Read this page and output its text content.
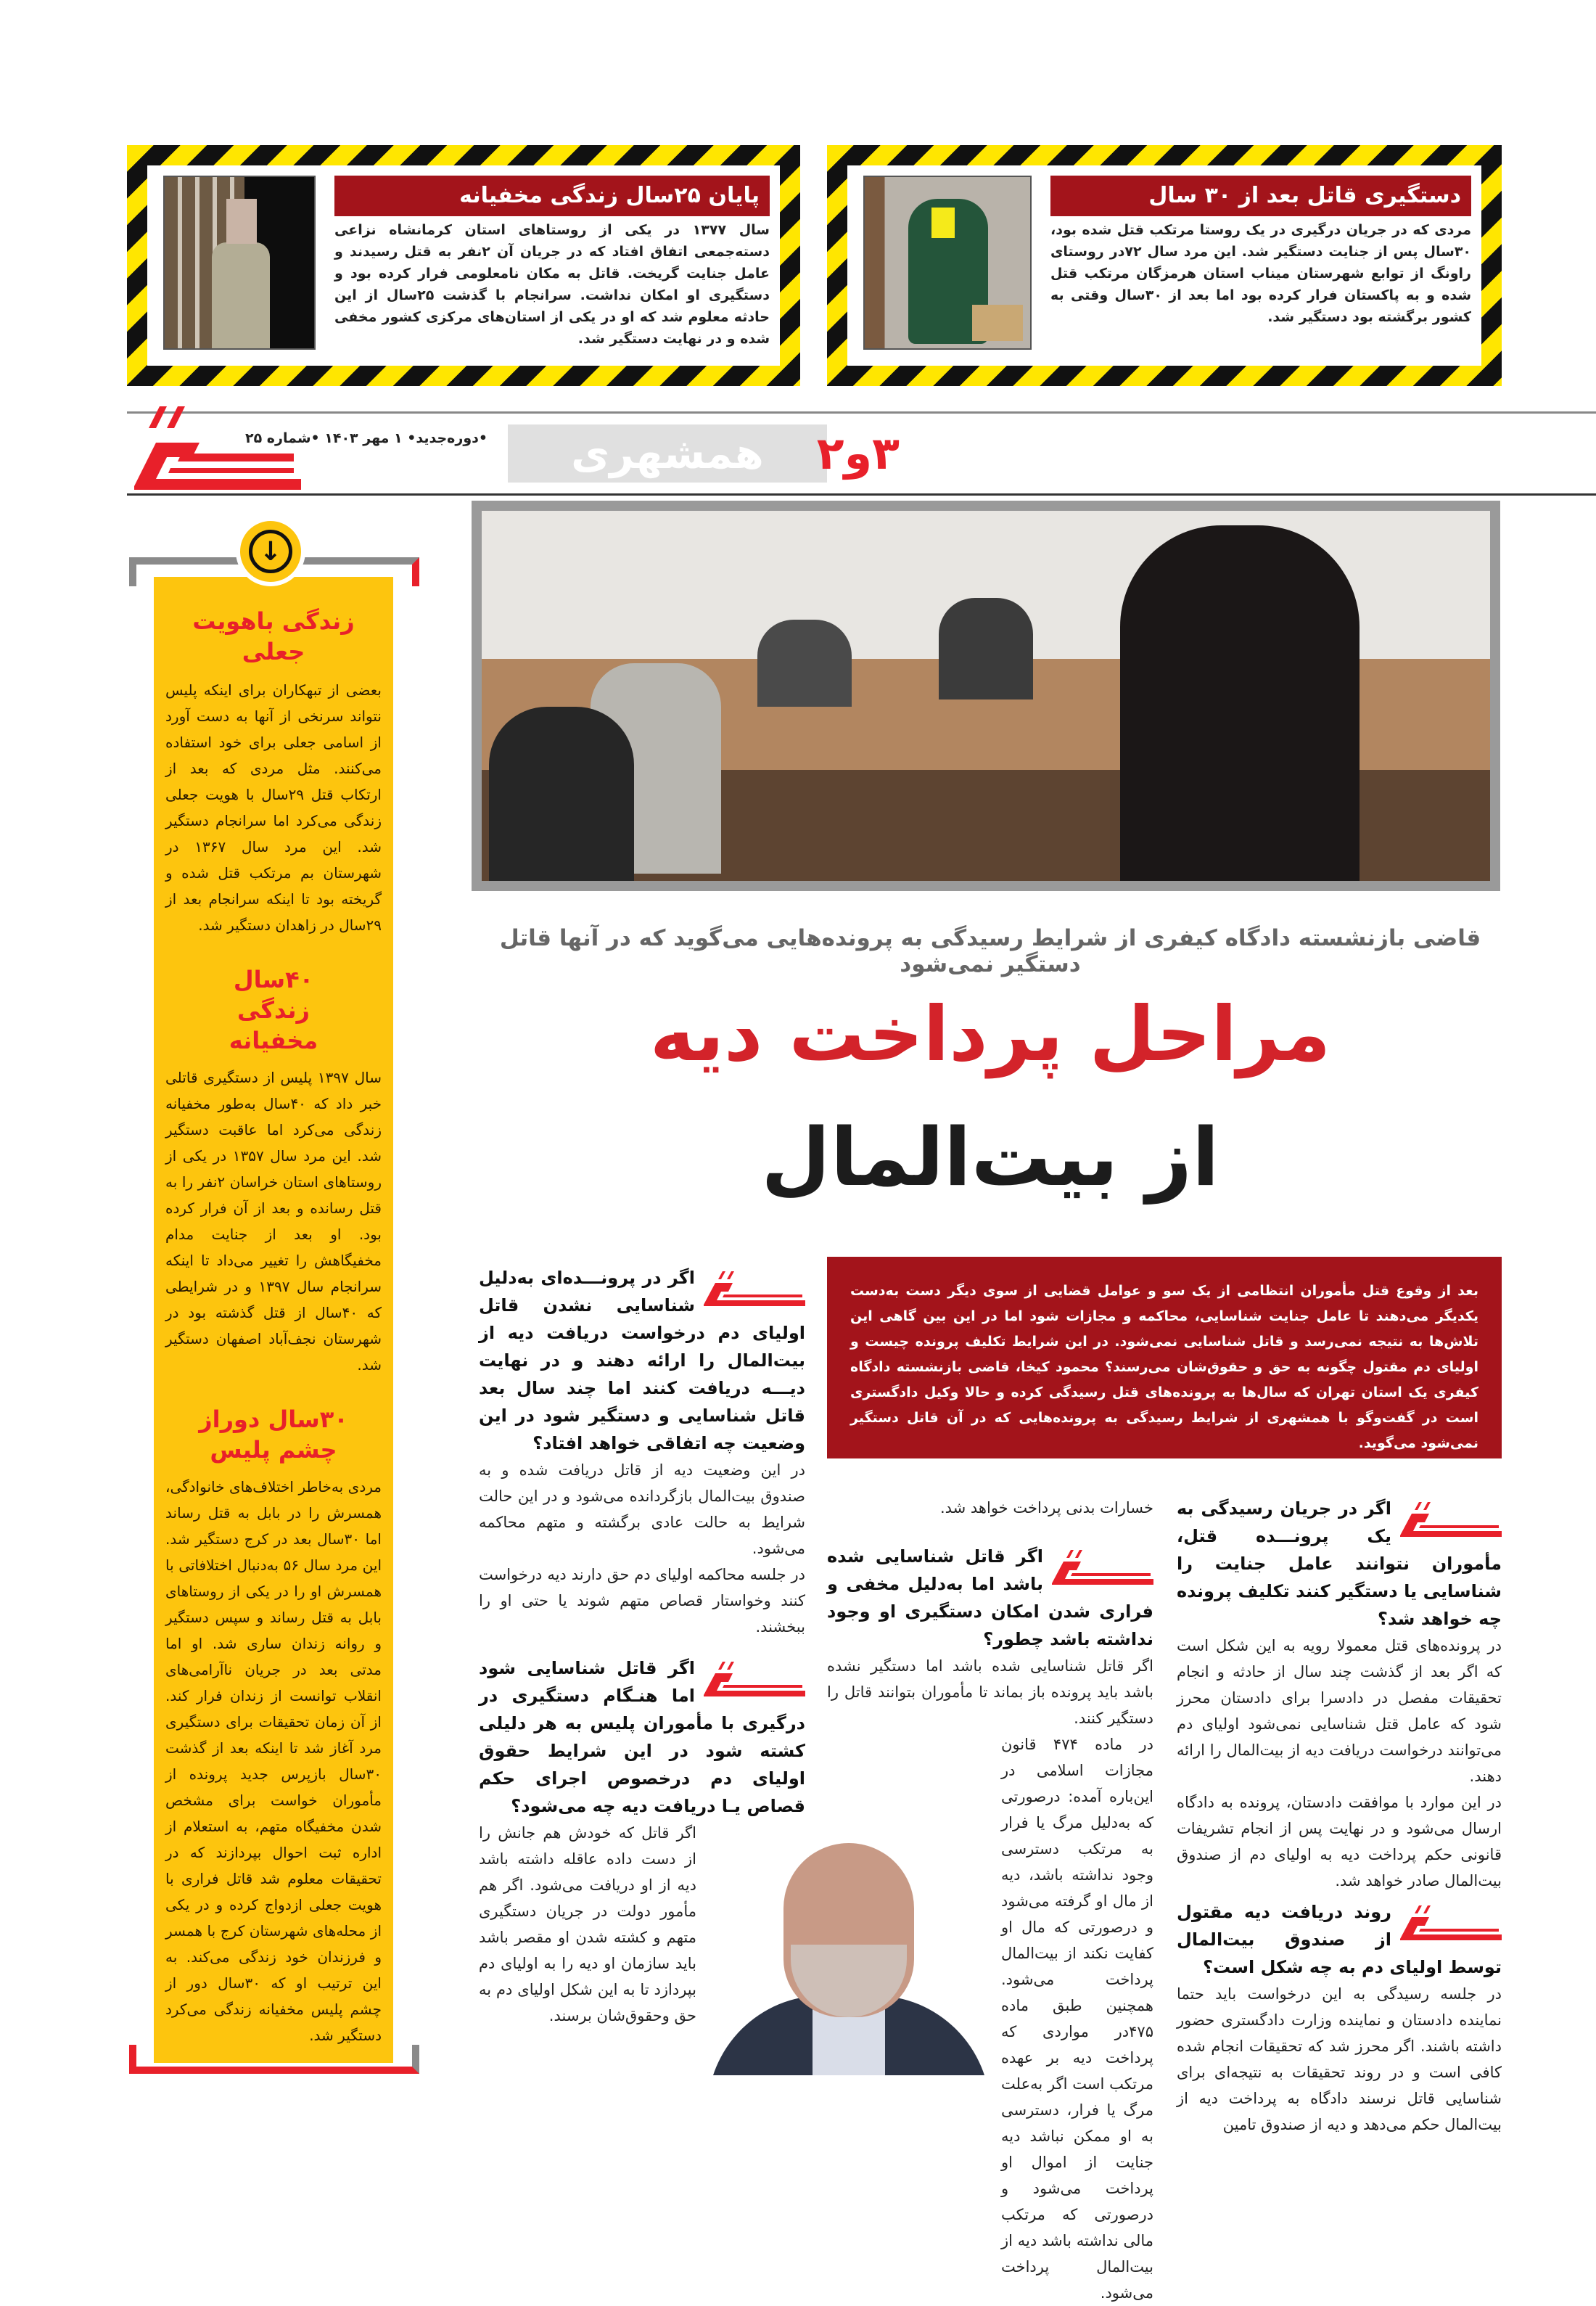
دستگیری قاتل بعد از ۳۰ سال
مردی که در جریان درگیری در یک روستا مرتکب قتل شده بود، ۳۰سال پس از جنایت دستگیر شد. این مرد سال ۷۲در روستای راونگ از توابع شهرستان میناب استان هرمزگان مرتکب قتل شده و به پاکستان فرار کرده بود اما بعد از ۳۰سال وقتی به کشور برگشته بود دستگیر شد.
پایان ۲۵سال زندگی مخفیانه
سال ۱۳۷۷ در یکی از روستاهای استان کرمانشاه نزاعی دسته‌جمعی اتفاق افتاد که در جریان آن ۲نفر به قتل رسیدند و عامل جنایت گریخت. قاتل به مکان نامعلومی فرار کرده بود و دستگیری او امکان نداشت. سرانجام با گذشت ۲۵سال از این حادثه معلوم شد که او در یکی از استان‌های مرکزی کشور مخفی شده و در نهایت دستگیر شد.
•دوره‌جدید• ۱ مهر ۱۴۰۳ •شماره ۲۵	همشهری	۳و۲
قاضی بازنشسته دادگاه کیفری از شرایط رسیدگی به پرونده‌هایی می‌گوید که در آنها قاتل دستگیر نمی‌شود
مراحل پرداخت دیه
از بیت‌المال
بعد از وقوع قتل مأموران انتظامی از یک سو و عوامل قضایی از سوی دیگر دست به‌دست یکدیگر می‌دهند تا عامل جنایت شناسایی، محاکمه و مجازات شود اما در این بین گاهی این تلاش‌ها به نتیجه نمی‌رسد و قاتل شناسایی نمی‌شود. در این شرایط تکلیف پرونده چیست و اولیای دم مقتول چگونه به حق و حقوق‌شان می‌رسند؟ محمود کیخا، قاضی بازنشسته دادگاه کیفری یک استان تهران که سال‌ها به پرونده‌های قتل رسیدگی کرده و حالا وکیل دادگستری است در گفت‌وگو با همشهری از شرایط رسیدگی به پرونده‌هایی که در آن قاتل دستگیر نمی‌شود می‌گوید.
اگر در جریان رسیدگی به یک پرونـــده قتل، مأموران نتوانند عامل جنایت را شناسایی یا دستگیر کنند تکلیف پرونده چه خواهد شد؟

در پرونده‌های قتل معمولا رویه به این شکل است که اگر بعد از گذشت چند سال از حادثه و انجام تحقیقات مفصل در دادسرا برای دادستان محرز شود که عامل قتل شناسایی نمی‌شود اولیای دم می‌توانند درخواست دریافت دیه از بیت‌المال را ارائه دهند.

در این موارد با موافقت دادستان، پرونده به دادگاه ارسال می‌شود و در نهایت پس از انجام تشریفات قانونی حکم پرداخت دیه به اولیای دم از صندوق بیت‌المال صادر خواهد شد.

روند دریافت دیه مقتول از صندوق بیت‌المال توسط اولیای دم به چه شکل است؟

در جلسه رسیدگی به این درخواست باید حتما نماینده دادستان و نماینده وزارت دادگستری حضور داشته باشند. اگر محرز شد که تحقیقات انجام شده کافی است و در روند تحقیقات به نتیجه‌ای برای شناسایی قاتل نرسند دادگاه به پرداخت دیه از بیت‌المال حکم می‌دهد و دیه از صندوق تامین

خسارات بدنی پرداخت خواهد شد.

اگر قاتل شناسایی شده باشد اما به‌دلیل مخفی و فراری شدن امکان دستگیری او وجود نداشته باشد چطور؟

اگر قاتل شناسایی شده باشد اما دستگیر نشده باشد باید پرونده باز بماند تا مأموران بتوانند قاتل را دستگیر کنند.

در ماده ۴۷۴ قانون مجازات اسلامی در این‌باره آمده: درصورتی که به‌دلیل مرگ یا فرار به مرتکب دسترسی وجود نداشته باشد، دیه از مال او گرفته می‌شود و درصورتی که مال او کفایت نکند از بیت‌المال پرداخت می‌شود. همچنین طبق ماده ۴۷۵در مواردی که پرداخت دیه بر عهده مرتکب است اگر به‌علت مرگ یا فرار، دسترسی به او ممکن نباشد دیه جنایت از اموال او پرداخت می‌شود و درصورتی که مرتکب مالی نداشته باشد دیه از بیت‌المال پرداخت می‌شود.

اگر در پرونـــده‌ای به‌دلیل شناسایی نشدن قاتل اولیای دم درخواست دریافت دیه از بیت‌المال را ارائه دهند و در نهایت دیـــه دریافت کنند اما چند سال بعد قاتل شناسایی و دستگیر شود در این وضعیت چه اتفاقی خواهد افتاد؟

در این وضعیت دیه از قاتل دریافت شده و به صندوق بیت‌المال بازگردانده می‌شود و در این حالت شرایط به حالت عادی برگشته و متهم محاکمه می‌شود.

در جلسه محاکمه اولیای دم حق دارند دیه درخواست کنند وخواستار قصاص متهم شوند یا حتی او را ببخشند.

اگر قاتل شناسایی شود اما هنـگام دستگیری در درگیری با مأموران پلیس به هر دلیلی کشته شود در این شرایط حقوق اولیای دم درخصوص اجرای حکم قصاص یـا دریافت دیه چه می‌شود؟

اگر قاتل که خودش هم جانش را از دست داده عاقله داشته باشد دیه از او دریافت می‌شود. اگر هم مأمور دولت در جریان دستگیری متهم و کشته شدن او مقصر باشد باید سازمان او دیه را به اولیای دم بپردازد تا به این شکل اولیای دم به حق وحقوق‌شان برسند.

زندگی باهویت جعلی

بعضی از تبهکاران برای اینکه پلیس نتواند سرنخی از آنها به دست آورد از اسامی جعلی برای خود استفاده می‌کنند. مثل مردی که بعد از ارتکاب قتل ۲۹سال با هویت جعلی زندگی می‌کرد اما سرانجام دستگیر شد. این مرد سال ۱۳۶۷ در شهرستان بم مرتکب قتل شده و گریخته بود تا اینکه سرانجام بعد از ۲۹سال در زاهدان دستگیر شد.

۴۰سال زندگی مخفیانه

سال ۱۳۹۷ پلیس از دستگیری قاتلی خبر داد که ۴۰سال به‌طور مخفیانه زندگی می‌کرد اما عاقبت دستگیر شد. این مرد سال ۱۳۵۷ در یکی از روستاهای استان خراسان ۲نفر را به قتل رسانده و بعد از آن فرار کرده بود. او بعد از جنایت مدام مخفیگاهش را تغییر می‌داد تا اینکه سرانجام سال ۱۳۹۷ و در شرایطی که ۴۰سال از قتل گذشته بود در شهرستان نجف‌آباد اصفهان دستگیر شد.

۳۰سال دوراز چشم پلیس

مردی به‌خاطر اختلاف‌های خانوادگی، همسرش را در بابل به قتل رساند اما ۳۰سال بعد در کرج دستگیر شد. این مرد سال ۵۶ به‌دنبال اختلافاتی با همسرش او را در یکی از روستاهای بابل به قتل رساند و سپس دستگیر و روانه زندان ساری شد. او اما مدتی بعد در جریان ناآرامی‌های انقلاب توانست از زندان فرار کند. از آن زمان تحقیقات برای دستگیری مرد آغاز شد تا اینکه بعد از گذشت ۳۰سال بازپرس جدید پرونده از مأموران خواست برای مشخص شدن مخفیگاه متهم، به استعلام از اداره ثبت احوال بپردازند که در تحقیقات معلوم شد قاتل فراری با هویت جعلی ازدواج کرده و در یکی از محله‌های شهرستان کرج با همسر و فرزندان خود زندگی می‌کند. به این ترتیب او که ۳۰سال دور از چشم پلیس مخفیانه زندگی می‌کرد دستگیر شد.

↓
